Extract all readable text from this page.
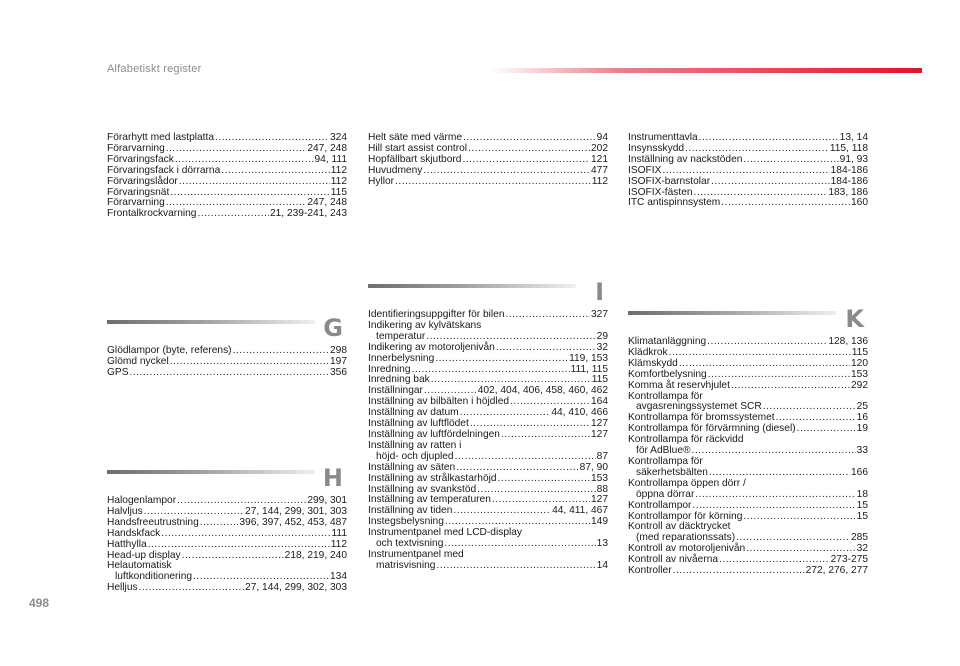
Alfabetiskt register
Förarhytt med lastplatta .....	324
Förarvarning .....	247, 248
Förvaringsfack .....	94, 111
Förvaringsfack i dörrarna .....	112
Förvaringslådor .....	112
Förvaringsnät .....	115
Förarvarning .....	247, 248
Frontalkrockvarning .....	21, 239-241, 243
G
Glödlampor (byte, referens) .....	298
Glömd nyckel .....	197
GPS .....	356
H
Halogenlampor .....	299, 301
Halvljus .....	27, 144, 299, 301, 303
Handsfreeutrustning .....	396, 397, 452, 453, 487
Handskfack .....	111
Hatthylla .....	112
Head-up display .....	218, 219, 240
Helautomatisk
luftkonditionering .....	134
Helljus .....	27, 144, 299, 302, 303
Helt säte med värme .....	94
Hill start assist control .....	202
Hopfällbart skjutbord .....	121
Huvudmeny .....	477
Hyllor .....	112
I
Identifieringsuppgifter för bilen .....	327
Indikering av kylvätskans
temperatur .....	29
Indikering av motoroljenivån .....	32
Innerbelysning .....	119, 153
Inredning .....	111, 115
Inredning bak .....	115
Inställningar .....	402, 404, 406, 458, 460, 462
Inställning av bilbälten i höjdled .....	164
Inställning av datum .....	44, 410, 466
Inställning av luftflödet .....	127
Inställning av luftfördelningen .....	127
Inställning av ratten i
höjd- och djupled .....	87
Inställning av säten .....	87, 90
Inställning av strålkastarhöjd .....	153
Inställning av svankstöd .....	88
Inställning av temperaturen .....	127
Inställning av tiden .....	44, 411, 467
Instegsbelysning .....	149
Instrumentpanel med LCD-display
och textvisning .....	13
Instrumentpanel med
matrisvisning .....	14
Instrumenttavla .....	13, 14
Insynsskydd .....	115, 118
Inställning av nackstöden .....	91, 93
ISOFIX .....	184-186
ISOFIX-barnstolar .....	184-186
ISOFIX-fästen .....	183, 186
ITC antispinnsystem .....	160
K
Klimatanläggning .....	128, 136
Klädkrok .....	115
Klämskydd .....	120
Komfortbelysning .....	153
Komma åt reservhjulet .....	292
Kontrollampa för
avgasreningssystemet SCR .....	25
Kontrollampa för bromssystemet .....	16
Kontrollampa för förvärmning (diesel) .....	19
Kontrollampa för räckvidd
för AdBlue® .....	33
Kontrollampa för
säkerhetsbälten .....	166
Kontrollampa öppen dörr /
öppna dörrar .....	18
Kontrollampor .....	15
Kontrollampor för körning .....	15
Kontroll av däcktrycket
(med reparationssats) .....	285
Kontroll av motoroljenivån .....	32
Kontroll av nivåerna .....	273-275
Kontroller .....	272, 276, 277
498
